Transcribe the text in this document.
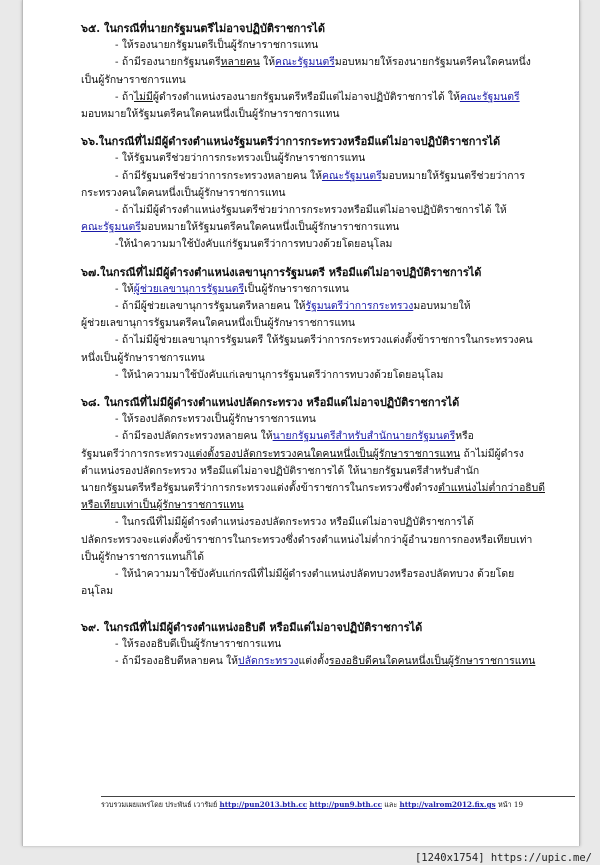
๖๕. ในกรณีที่นายกรัฐมนตรีไม่อาจปฏิบัติราชการได้

- ให้รองนายกรัฐมนตรีเป็นผู้รักษาราชการแทน

- ถ้ามีรองนายกรัฐมนตรีหลายคน ให้คณะรัฐมนตรีมอบหมายให้รองนายกรัฐมนตรีคนใดคนหนึ่ง

เป็นผู้รักษาราชการแทน

- ถ้าไม่มีผู้ดำรงตำแหน่งรองนายกรัฐมนตรีหรือมีแต่ไม่อาจปฏิบัติราชการได้ ให้คณะรัฐมนตรี

มอบหมายให้รัฐมนตรีคนใดคนหนึ่งเป็นผู้รักษาราชการแทน

๖๖.ในกรณีที่ไม่มีผู้ดำรงตำแหน่งรัฐมนตรีว่าการกระทรวงหรือมีแต่ไม่อาจปฏิบัติราชการได้

- ให้รัฐมนตรีช่วยว่าการกระทรวงเป็นผู้รักษาราชการแทน

- ถ้ามีรัฐมนตรีช่วยว่าการกระทรวงหลายคน ให้คณะรัฐมนตรีมอบหมายให้รัฐมนตรีช่วยว่าการ

กระทรวงคนใดคนหนึ่งเป็นผู้รักษาราชการแทน

- ถ้าไม่มีผู้ดำรงตำแหน่งรัฐมนตรีช่วยว่าการกระทรวงหรือมีแต่ไม่อาจปฏิบัติราชการได้ ให้

คณะรัฐมนตรีมอบหมายให้รัฐมนตรีคนใดคนหนึ่งเป็นผู้รักษาราชการแทน

-ให้นำความมาใช้บังคับแก่รัฐมนตรีว่าการทบวงด้วยโดยอนุโลม

๖๗.ในกรณีที่ไม่มีผู้ดำรงตำแหน่งเลขานุการรัฐมนตรี หรือมีแต่ไม่อาจปฏิบัติราชการได้

- ให้ผู้ช่วยเลขานุการรัฐมนตรีเป็นผู้รักษาราชการแทน

- ถ้ามีผู้ช่วยเลขานุการรัฐมนตรีหลายคน ให้รัฐมนตรีว่าการกระทรวงมอบหมายให้

ผู้ช่วยเลขานุการรัฐมนตรีคนใดคนหนึ่งเป็นผู้รักษาราชการแทน

- ถ้าไม่มีผู้ช่วยเลขานุการรัฐมนตรี ให้รัฐมนตรีว่าการกระทรวงแต่งตั้งข้าราชการในกระทรวงคน

หนึ่งเป็นผู้รักษาราชการแทน

- ให้นำความมาใช้บังคับแก่เลขานุการรัฐมนตรีว่าการทบวงด้วยโดยอนุโลม

๖๘. ในกรณีที่ไม่มีผู้ดำรงตำแหน่งปลัดกระทรวง หรือมีแต่ไม่อาจปฏิบัติราชการได้

- ให้รองปลัดกระทรวงเป็นผู้รักษาราชการแทน

- ถ้ามีรองปลัดกระทรวงหลายคน ให้นายกรัฐมนตรีสำหรับสำนักนายกรัฐมนตรีหรือ

รัฐมนตรีว่าการกระทรวงแต่งตั้งรองปลัดกระทรวงคนใดคนหนึ่งเป็นผู้รักษาราชการแทน ถ้าไม่มีผู้ดำรง

ตำแหน่งรองปลัดกระทรวง หรือมีแต่ไม่อาจปฏิบัติราชการได้ ให้นายกรัฐมนตรีสำหรับสำนัก

นายกรัฐมนตรีหรือรัฐมนตรีว่าการกระทรวงแต่งตั้งข้าราชการในกระทรวงซึ่งดำรงตำแหน่งไม่ต่ำกว่าอธิบดี

หรือเทียบเท่าเป็นผู้รักษาราชการแทน

- ในกรณีที่ไม่มีผู้ดำรงตำแหน่งรองปลัดกระทรวง หรือมีแต่ไม่อาจปฏิบัติราชการได้

ปลัดกระทรวงจะแต่งตั้งข้าราชการในกระทรวงซึ่งดำรงตำแหน่งไม่ต่ำกว่าผู้อำนวยการกองหรือเทียบเท่า

เป็นผู้รักษาราชการแทนก็ได้

- ให้นำความมาใช้บังคับแก่กรณีที่ไม่มีผู้ดำรงตำแหน่งปลัดทบวงหรือรองปลัดทบวง ด้วยโดย

อนุโลม

๖๙. ในกรณีที่ไม่มีผู้ดำรงตำแหน่งอธิบดี หรือมีแต่ไม่อาจปฏิบัติราชการได้

- ให้รองอธิบดีเป็นผู้รักษาราชการแทน

- ถ้ามีรองอธิบดีหลายคน ให้ปลัดกระทรวงแต่งตั้งรองอธิบดีคนใดคนหนึ่งเป็นผู้รักษาราชการแทน

รวบรวมเผยแพร่โดย ประพันธ์ เวารัมย์ http://pun2013.bth.cc http://pun9.bth.cc และ http://valrom2012.fix.gs หน้า 19
[1240x1754] https://upic.me/
